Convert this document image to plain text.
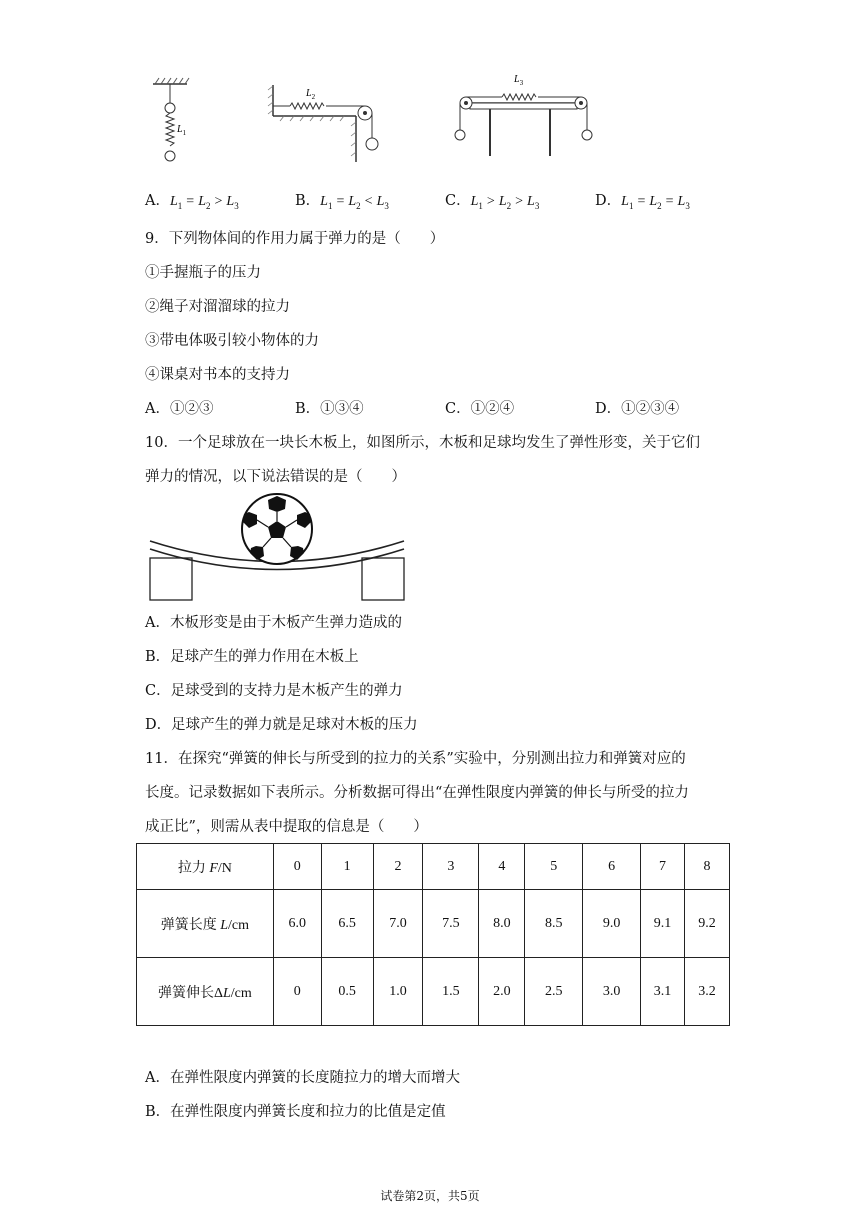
$L_1$
$L_2$
$L_3$
A．$L_1 = L_2 > L_3$	B．$L_1 = L_2 < L_3$	C．$L_1 > L_2 > L_3$	D．$L_1 = L_2 = L_3$
9．下列物体间的作用力属于弹力的是（　　）
①手握瓶子的压力
②绳子对溜溜球的拉力
③带电体吸引较小物体的力
④课桌对书本的支持力
A．①②③	B．①③④	C．①②④	D．①②③④
10．一个足球放在一块长木板上，如图所示，木板和足球均发生了弹性形变，关于它们
弹力的情况，以下说法错误的是（　　）
A．木板形变是由于木板产生弹力造成的
B．足球产生的弹力作用在木板上
C．足球受到的支持力是木板产生的弹力
D．足球产生的弹力就是足球对木板的压力
11．在探究“弹簧的伸长与所受到的拉力的关系”实验中，分别测出拉力和弹簧对应的
长度。记录数据如下表所示。分析数据可得出“在弹性限度内弹簧的伸长与所受的拉力
成正比”，则需从表中提取的信息是（　　）
拉力 F/N	0	1	2	3	4	5	6	7	8
弹簧长度 L/cm	6.0	6.5	7.0	7.5	8.0	8.5	9.0	9.1	9.2
弹簧伸长ΔL/cm	0	0.5	1.0	1.5	2.0	2.5	3.0	3.1	3.2
A．在弹性限度内弹簧的长度随拉力的增大而增大
B．在弹性限度内弹簧长度和拉力的比值是定值
试卷第2页，共5页
